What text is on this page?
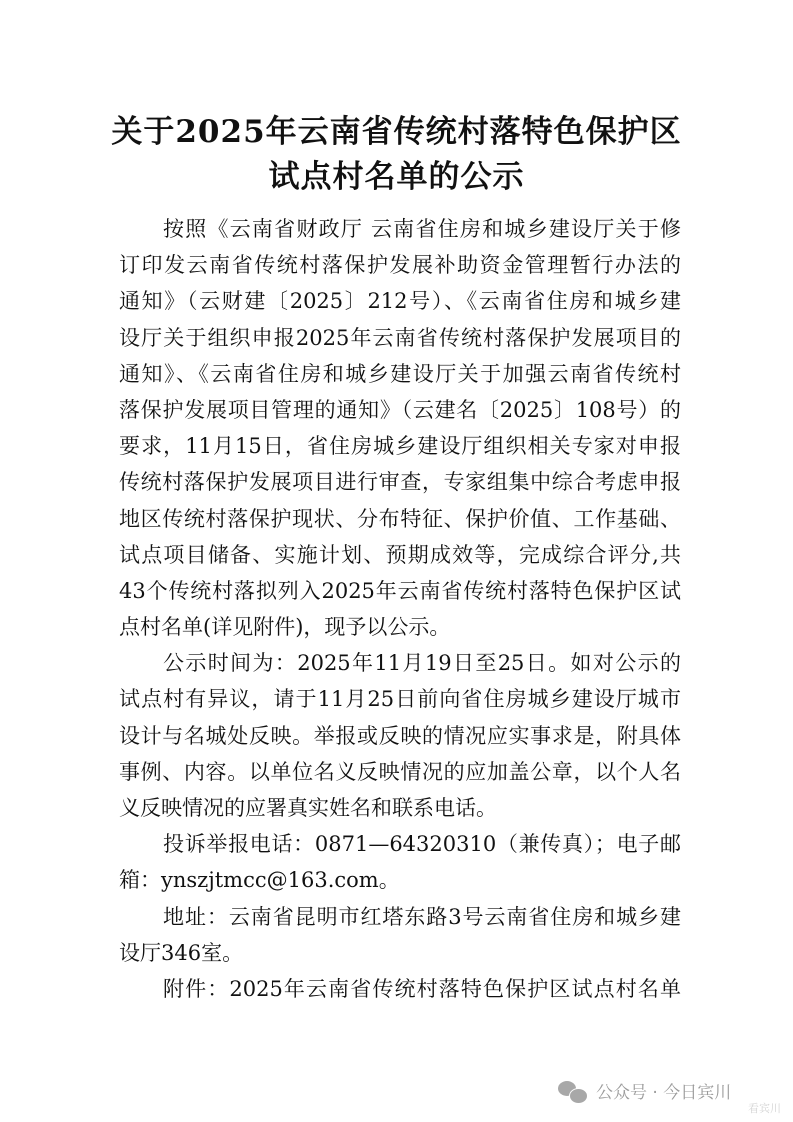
关于2025年云南省传统村落特色保护区
试点村名单的公示
按照《云南省财政厅 云南省住房和城乡建设厅关于修
订印发云南省传统村落保护发展补助资金管理暂行办法的
通知》（云财建〔2025〕212号）、《云南省住房和城乡建
设厅关于组织申报2025年云南省传统村落保护发展项目的
通知》、《云南省住房和城乡建设厅关于加强云南省传统村
落保护发展项目管理的通知》（云建名〔2025〕108号）的
要求，11月15日，省住房城乡建设厅组织相关专家对申报
传统村落保护发展项目进行审查，专家组集中综合考虑申报
地区传统村落保护现状、分布特征、保护价值、工作基础、
试点项目储备、实施计划、预期成效等，完成综合评分,共
43个传统村落拟列入2025年云南省传统村落特色保护区试
点村名单(详见附件)，现予以公示。
公示时间为：2025年11月19日至25日。如对公示的
试点村有异议，请于11月25日前向省住房城乡建设厅城市
设计与名城处反映。举报或反映的情况应实事求是，附具体
事例、内容。以单位名义反映情况的应加盖公章，以个人名
义反映情况的应署真实姓名和联系电话。
投诉举报电话：0871—64320310（兼传真）；电子邮
箱：ynszjtmcc@163.com。
地址：云南省昆明市红塔东路3号云南省住房和城乡建
设厅346室。
附件：2025年云南省传统村落特色保护区试点村名单
公众号 · 今日宾川
看宾川
